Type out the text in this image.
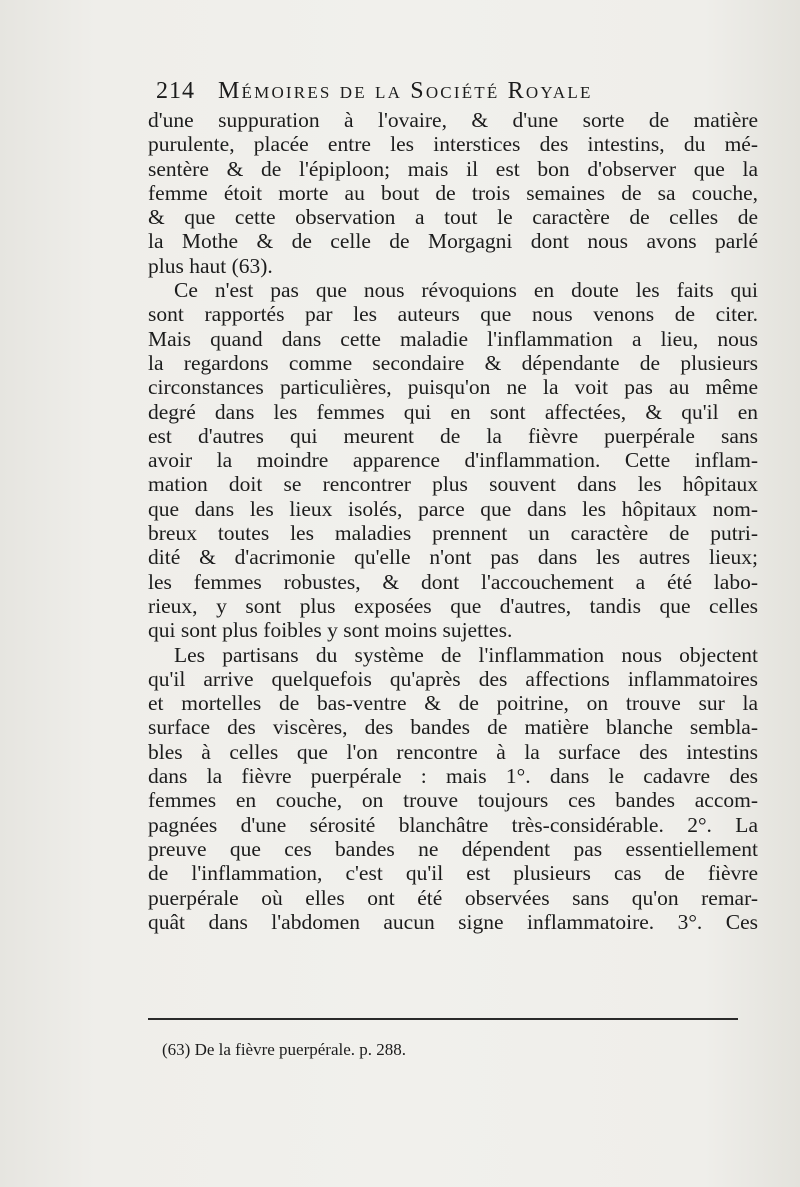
214 Mémoires de la Société Royale
d'une suppuration à l'ovaire, & d'une sorte de matière
purulente, placée entre les interstices des intestins, du mé-
sentère & de l'épiploon; mais il est bon d'observer que la
femme étoit morte au bout de trois semaines de sa couche,
& que cette observation a tout le caractère de celles de
la Mothe & de celle de Morgagni dont nous avons parlé
plus haut (63).
Ce n'est pas que nous révoquions en doute les faits qui
sont rapportés par les auteurs que nous venons de citer.
Mais quand dans cette maladie l'inflammation a lieu, nous
la regardons comme secondaire & dépendante de plusieurs
circonstances particulières, puisqu'on ne la voit pas au même
degré dans les femmes qui en sont affectées, & qu'il en
est d'autres qui meurent de la fièvre puerpérale sans
avoir la moindre apparence d'inflammation. Cette inflam-
mation doit se rencontrer plus souvent dans les hôpitaux
que dans les lieux isolés, parce que dans les hôpitaux nom-
breux toutes les maladies prennent un caractère de putri-
dité & d'acrimonie qu'elle n'ont pas dans les autres lieux;
les femmes robustes, & dont l'accouchement a été labo-
rieux, y sont plus exposées que d'autres, tandis que celles
qui sont plus foibles y sont moins sujettes.
Les partisans du système de l'inflammation nous objectent
qu'il arrive quelquefois qu'après des affections inflammatoires
et mortelles de bas-ventre & de poitrine, on trouve sur la
surface des viscères, des bandes de matière blanche sembla-
bles à celles que l'on rencontre à la surface des intestins
dans la fièvre puerpérale : mais 1°. dans le cadavre des
femmes en couche, on trouve toujours ces bandes accom-
pagnées d'une sérosité blanchâtre très-considérable. 2°. La
preuve que ces bandes ne dépendent pas essentiellement
de l'inflammation, c'est qu'il est plusieurs cas de fièvre
puerpérale où elles ont été observées sans qu'on remar-
quât dans l'abdomen aucun signe inflammatoire. 3°. Ces
(63) De la fièvre puerpérale. p. 288.
